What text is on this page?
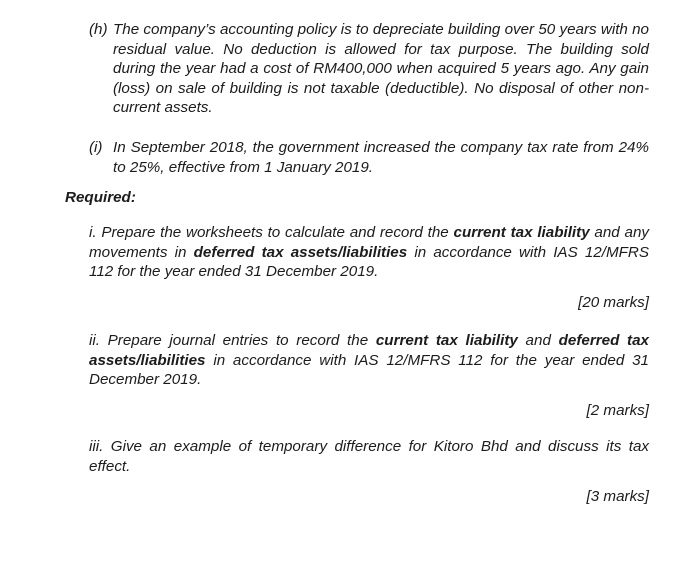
(h) The company’s accounting policy is to depreciate building over 50 years with no residual value. No deduction is allowed for tax purpose. The building sold during the year had a cost of RM400,000 when acquired 5 years ago. Any gain (loss) on sale of building is not taxable (deductible). No disposal of other non-current assets.
(i) In September 2018, the government increased the company tax rate from 24% to 25%, effective from 1 January 2019.
Required:
i. Prepare the worksheets to calculate and record the current tax liability and any movements in deferred tax assets/liabilities in accordance with IAS 12/MFRS 112 for the year ended 31 December 2019.
[20 marks]
ii. Prepare journal entries to record the current tax liability and deferred tax assets/liabilities in accordance with IAS 12/MFRS 112 for the year ended 31 December 2019.
[2 marks]
iii. Give an example of temporary difference for Kitoro Bhd and discuss its tax effect.
[3 marks]
